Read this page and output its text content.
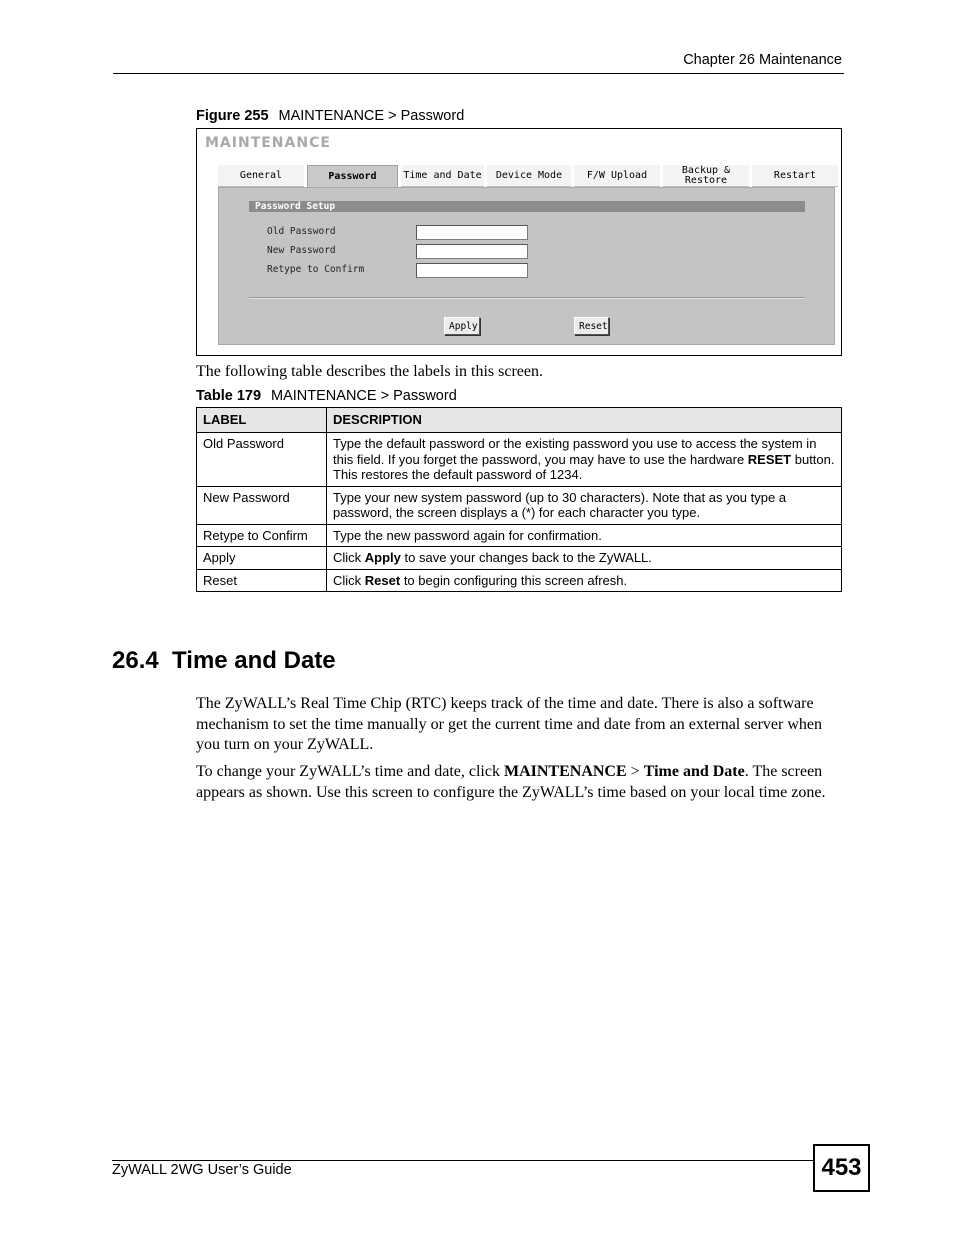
Chapter 26 Maintenance
Figure 255 MAINTENANCE > Password
MAINTENANCE
General	Password	Time and Date	Device Mode	F/W Upload	Backup &
Restore	Restart
Password Setup
Old Password
New Password
Retype to Confirm
Apply	Reset
The following table describes the labels in this screen.
Table 179 MAINTENANCE > Password
LABEL	DESCRIPTION
Old Password	Type the default password or the existing password you use to access the system in this field. If you forget the password, you may have to use the hardware RESET button. This restores the default password of 1234.
New Password	Type your new system password (up to 30 characters). Note that as you type a password, the screen displays a (*) for each character you type.
Retype to Confirm	Type the new password again for confirmation.
Apply	Click Apply to save your changes back to the ZyWALL.
Reset	Click Reset to begin configuring this screen afresh.
26.4  Time and Date
The ZyWALL’s Real Time Chip (RTC) keeps track of the time and date. There is also a software mechanism to set the time manually or get the current time and date from an external server when you turn on your ZyWALL.
To change your ZyWALL’s time and date, click MAINTENANCE > Time and Date. The screen appears as shown. Use this screen to configure the ZyWALL’s time based on your local time zone.
ZyWALL 2WG User’s Guide	453
